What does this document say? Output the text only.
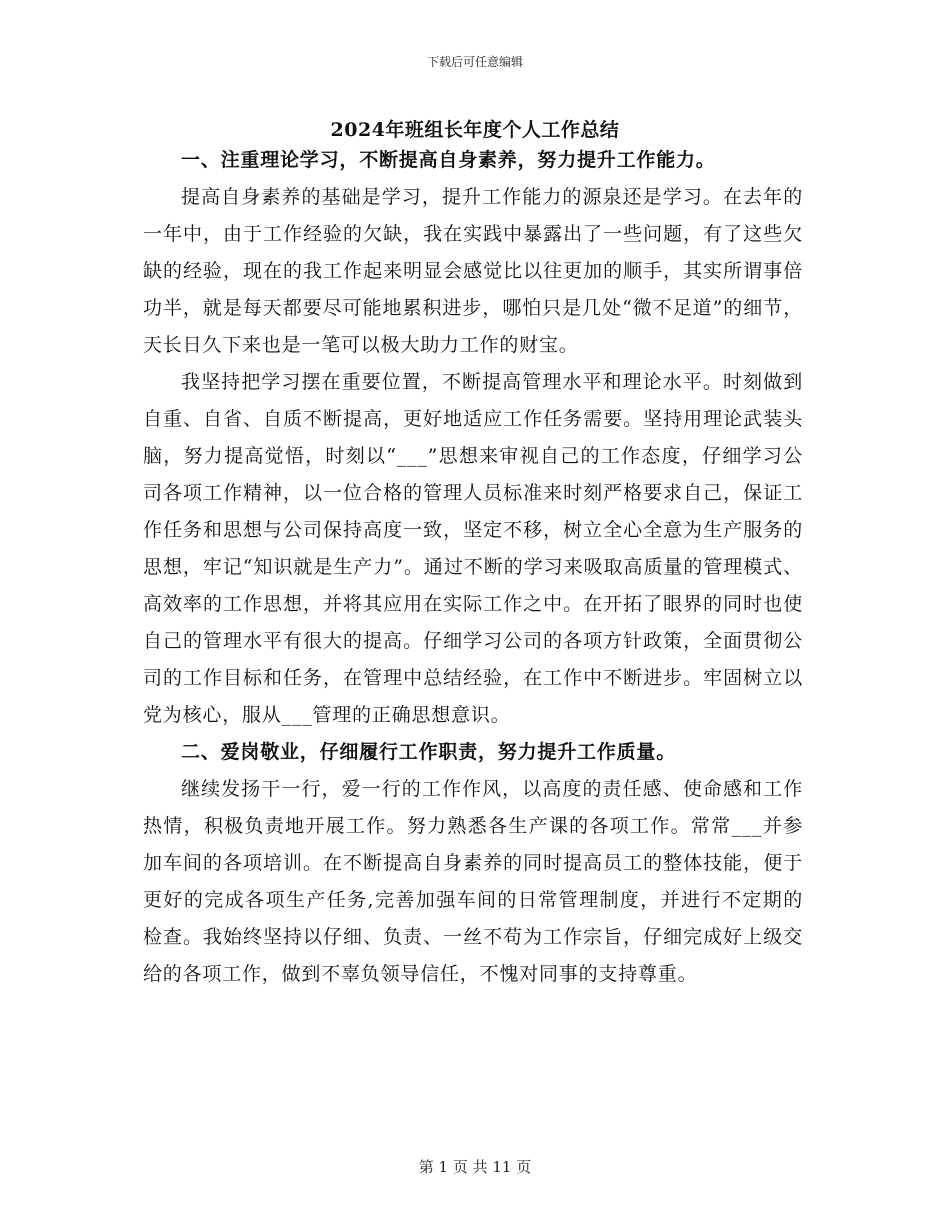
下载后可任意编辑
2024年班组长年度个人工作总结
一、注重理论学习，不断提高自身素养，努力提升工作能力。

提高自身素养的基础是学习，提升工作能力的源泉还是学习。在去年的一年中，由于工作经验的欠缺，我在实践中暴露出了一些问题，有了这些欠缺的经验，现在的我工作起来明显会感觉比以往更加的顺手，其实所谓事倍功半，就是每天都要尽可能地累积进步，哪怕只是几处“微不足道”的细节，天长日久下来也是一笔可以极大助力工作的财宝。

我坚持把学习摆在重要位置，不断提高管理水平和理论水平。时刻做到自重、自省、自质不断提高，更好地适应工作任务需要。坚持用理论武装头脑，努力提高觉悟，时刻以“___”思想来审视自己的工作态度，仔细学习公司各项工作精神，以一位合格的管理人员标准来时刻严格要求自己，保证工作任务和思想与公司保持高度一致，坚定不移，树立全心全意为生产服务的思想，牢记“知识就是生产力”。通过不断的学习来吸取高质量的管理模式、高效率的工作思想，并将其应用在实际工作之中。在开拓了眼界的同时也使自己的管理水平有很大的提高。仔细学习公司的各项方针政策，全面贯彻公司的工作目标和任务，在管理中总结经验，在工作中不断进步。牢固树立以党为核心，服从___管理的正确思想意识。

二、爱岗敬业，仔细履行工作职责，努力提升工作质量。

继续发扬干一行，爱一行的工作作风，以高度的责任感、使命感和工作热情，积极负责地开展工作。努力熟悉各生产课的各项工作。常常___并参加车间的各项培训。在不断提高自身素养的同时提高员工的整体技能，便于更好的完成各项生产任务,完善加强车间的日常管理制度，并进行不定期的检查。我始终坚持以仔细、负责、一丝不苟为工作宗旨，仔细完成好上级交给的各项工作，做到不辜负领导信任，不愧对同事的支持尊重。

第 1 页 共 11 页
